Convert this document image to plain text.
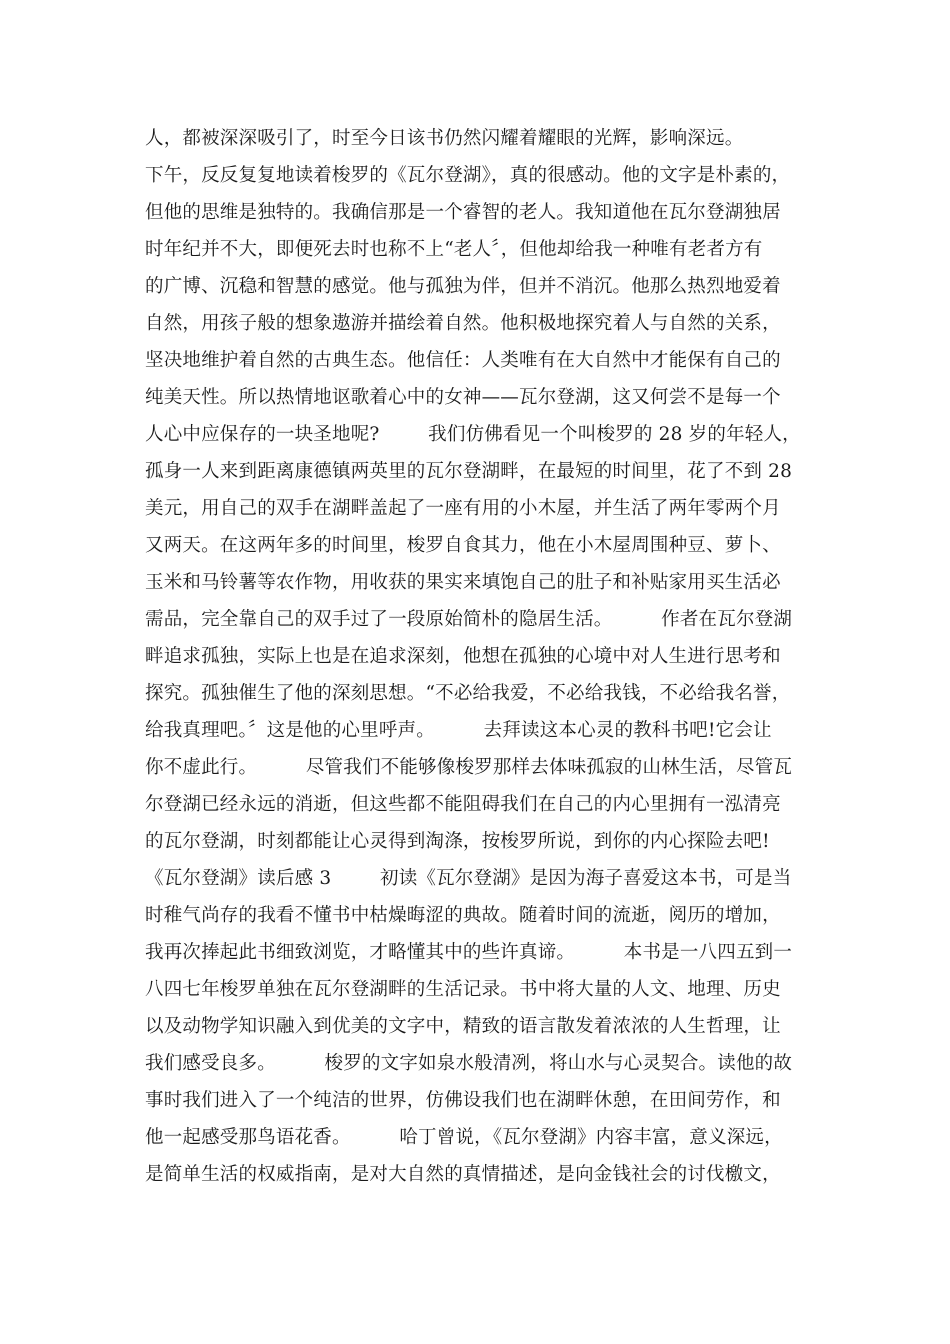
人，都被深深吸引了，时至今日该书仍然闪耀着耀眼的光辉，影响深远。
下午，反反复复地读着梭罗的《瓦尔登湖》，真的很感动。他的文字是朴素的，
但他的思维是独特的。我确信那是一个睿智的老人。我知道他在瓦尔登湖独居
时年纪并不大，即便死去时也称不上“老人〞，但他却给我一种唯有老者方有
的广博、沉稳和智慧的感觉。他与孤独为伴，但并不消沉。他那么热烈地爱着
自然，用孩子般的想象遨游并描绘着自然。他积极地探究着人与自然的关系，
坚决地维护着自然的古典生态。他信任：人类唯有在大自然中才能保有自己的
纯美天性。所以热情地讴歌着心中的女神——瓦尔登湖，这又何尝不是每一个
人心中应保存的一块圣地呢?        我们仿佛看见一个叫梭罗的 28 岁的年轻人，
孤身一人来到距离康德镇两英里的瓦尔登湖畔，在最短的时间里，花了不到 28
美元，用自己的双手在湖畔盖起了一座有用的小木屋，并生活了两年零两个月
又两天。在这两年多的时间里，梭罗自食其力，他在小木屋周围种豆、萝卜、
玉米和马铃薯等农作物，用收获的果实来填饱自己的肚子和补贴家用买生活必
需品，完全靠自己的双手过了一段原始简朴的隐居生活。        作者在瓦尔登湖
畔追求孤独，实际上也是在追求深刻，他想在孤独的心境中对人生进行思考和
探究。孤独催生了他的深刻思想。“不必给我爱，不必给我钱，不必给我名誉，
给我真理吧。〞这是他的心里呼声。        去拜读这本心灵的教科书吧!它会让
你不虚此行。        尽管我们不能够像梭罗那样去体味孤寂的山林生活，尽管瓦
尔登湖已经永远的消逝，但这些都不能阻碍我们在自己的内心里拥有一泓清亮
的瓦尔登湖，时刻都能让心灵得到淘涤，按梭罗所说，到你的内心探险去吧!
《瓦尔登湖》读后感 3        初读《瓦尔登湖》是因为海子喜爱这本书，可是当
时稚气尚存的我看不懂书中枯燥晦涩的典故。随着时间的流逝，阅历的增加，
我再次捧起此书细致浏览，才略懂其中的些许真谛。        本书是一八四五到一
八四七年梭罗单独在瓦尔登湖畔的生活记录。书中将大量的人文、地理、历史
以及动物学知识融入到优美的文字中，精致的语言散发着浓浓的人生哲理，让
我们感受良多。        梭罗的文字如泉水般清冽，将山水与心灵契合。读他的故
事时我们进入了一个纯洁的世界，仿佛设我们也在湖畔休憩，在田间劳作，和
他一起感受那鸟语花香。        哈丁曾说，《瓦尔登湖》内容丰富，意义深远，
是简单生活的权威指南，是对大自然的真情描述，是向金钱社会的讨伐檄文，
